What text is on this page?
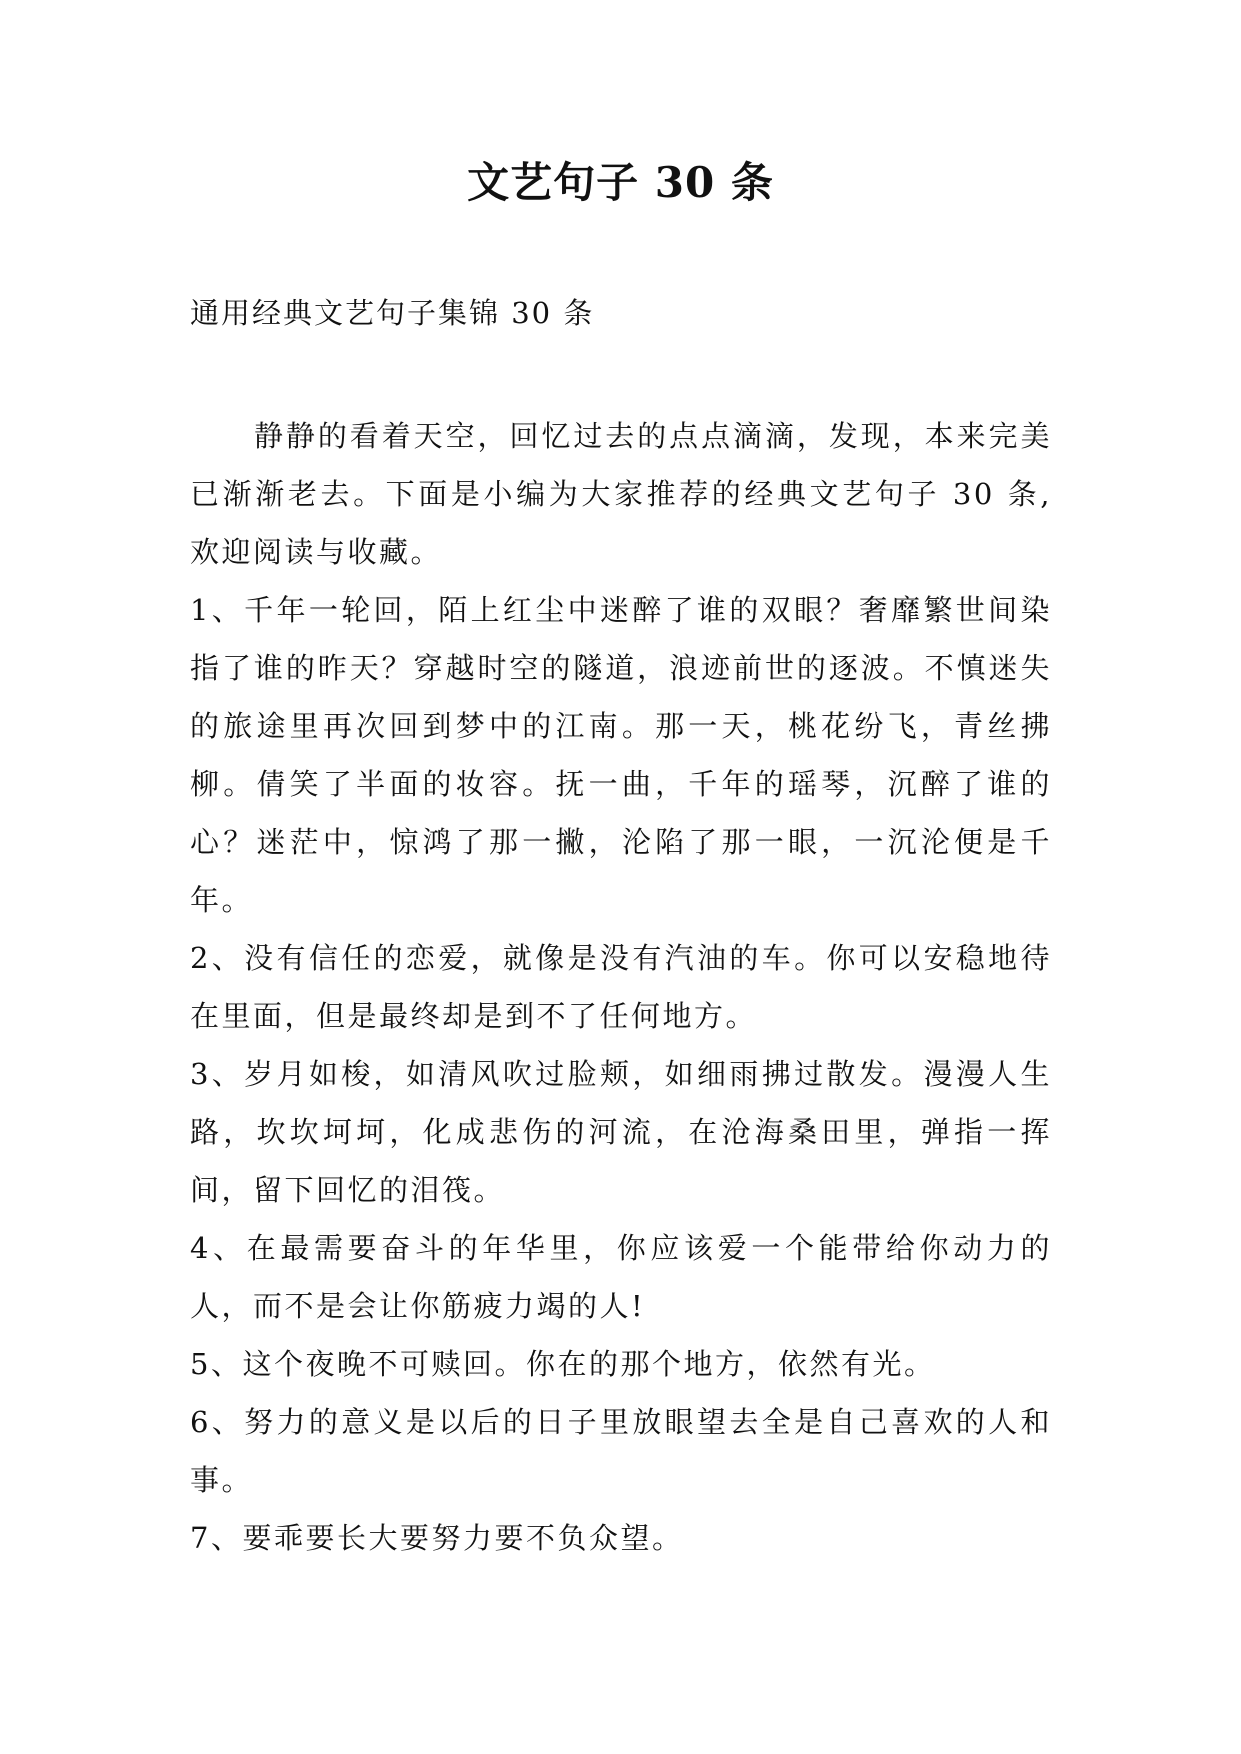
文艺句子 30 条
通用经典文艺句子集锦 30 条

静静的看着天空，回忆过去的点点滴滴，发现，本来完美已渐渐老去。下面是小编为大家推荐的经典文艺句子 30 条,欢迎阅读与收藏。

1、千年一轮回，陌上红尘中迷醉了谁的双眼？奢靡繁世间染指了谁的昨天？穿越时空的隧道，浪迹前世的逐波。不慎迷失的旅途里再次回到梦中的江南。那一天，桃花纷飞，青丝拂柳。倩笑了半面的妆容。抚一曲，千年的瑶琴，沉醉了谁的心？迷茫中，惊鸿了那一撇，沦陷了那一眼，一沉沦便是千年。

2、没有信任的恋爱，就像是没有汽油的车。你可以安稳地待在里面，但是最终却是到不了任何地方。

3、岁月如梭，如清风吹过脸颊，如细雨拂过散发。漫漫人生路，坎坎坷坷，化成悲伤的河流，在沧海桑田里，弹指一挥间，留下回忆的泪筏。

4、在最需要奋斗的年华里，你应该爱一个能带给你动力的人，而不是会让你筋疲力竭的人!

5、这个夜晚不可赎回。你在的那个地方，依然有光。

6、努力的意义是以后的日子里放眼望去全是自己喜欢的人和事。

7、要乖要长大要努力要不负众望。
